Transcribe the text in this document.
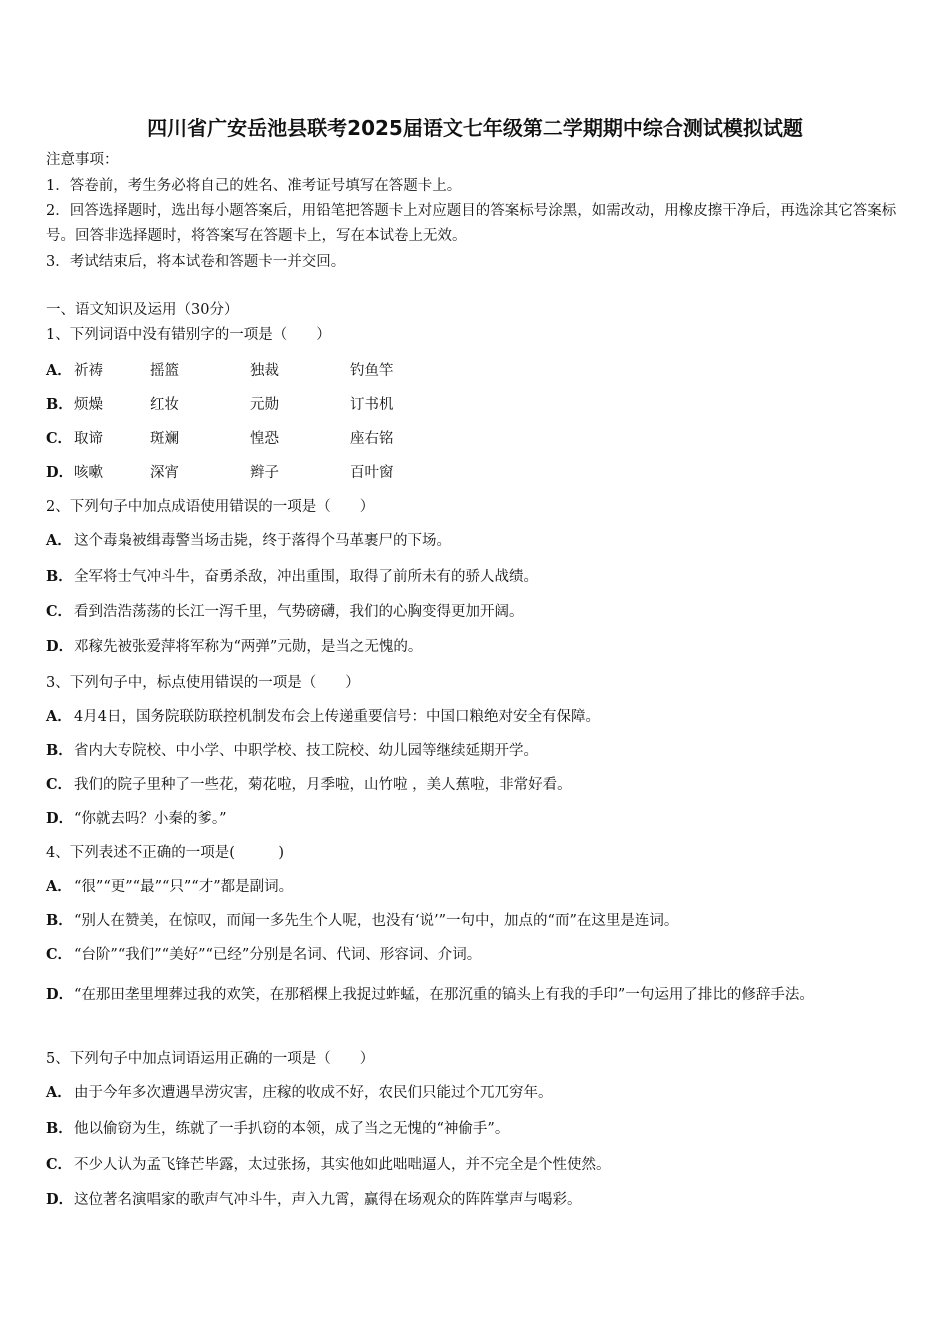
四川省广安岳池县联考2025届语文七年级第二学期期中综合测试模拟试题
注意事项：
1．答卷前，考生务必将自己的姓名、准考证号填写在答题卡上。
2．回答选择题时，选出每小题答案后，用铅笔把答题卡上对应题目的答案标号涂黑，如需改动，用橡皮擦干净后，再选涂其它答案标号。回答非选择题时，将答案写在答题卡上，写在本试卷上无效。
3．考试结束后，将本试卷和答题卡一并交回。
一、语文知识及运用（30分）
1、下列词语中没有错别字的一项是（　　）
A． 祈祷	摇篮	独裁	钓鱼竿
B． 烦燥	红妆	元勋	订书机
C． 取谛	斑斓	惶恐	座右铭
D． 咳嗽	深宵	辫子	百叶窗
2、下列句子中加点成语使用错误的一项是（　　）
A． 这个毒枭被缉毒警当场击毙，终于落得个马革裹尸的下场。
B．全军将士气冲斗牛，奋勇杀敌，冲出重围，取得了前所未有的骄人战绩。
C． 看到浩浩荡荡的长江一泻千里，气势磅礴，我们的心胸变得更加开阔。
D．邓稼先被张爱萍将军称为“两弹”元勋，是当之无愧的。
3、下列句子中，标点使用错误的一项是（　　）
A． 4月4日，国务院联防联控机制发布会上传递重要信号：中国口粮绝对安全有保障。
B．省内大专院校、中小学、中职学校、技工院校、幼儿园等继续延期开学。
C． 我们的院子里种了一些花，菊花啦，月季啦，山竹啦 ，美人蕉啦，非常好看。
D．“你就去吗？小秦的爹。”
4、下列表述不正确的一项是(　　　)
A． “很”“更”“最”“只”“才”都是副词。
B．“别人在赞美，在惊叹，而闻一多先生个人呢，也没有‘说’”一句中，加点的“而”在这里是连词。
C． “台阶”“我们”“美好”“已经”分别是名词、代词、形容词、介词。
D．“在那田垄里埋葬过我的欢笑，在那稻棵上我捉过蚱蜢，在那沉重的镐头上有我的手印”一句运用了排比的修辞手法。
5、下列句子中加点词语运用正确的一项是（　　）
A． 由于今年多次遭遇旱涝灾害，庄稼的收成不好，农民们只能过个兀兀穷年。
B．他以偷窃为生，练就了一手扒窃的本领，成了当之无愧的“神偷手”。
C． 不少人认为孟飞锋芒毕露，太过张扬，其实他如此咄咄逼人，并不完全是个性使然。
D．这位著名演唱家的歌声气冲斗牛，声入九霄，赢得在场观众的阵阵掌声与喝彩。
